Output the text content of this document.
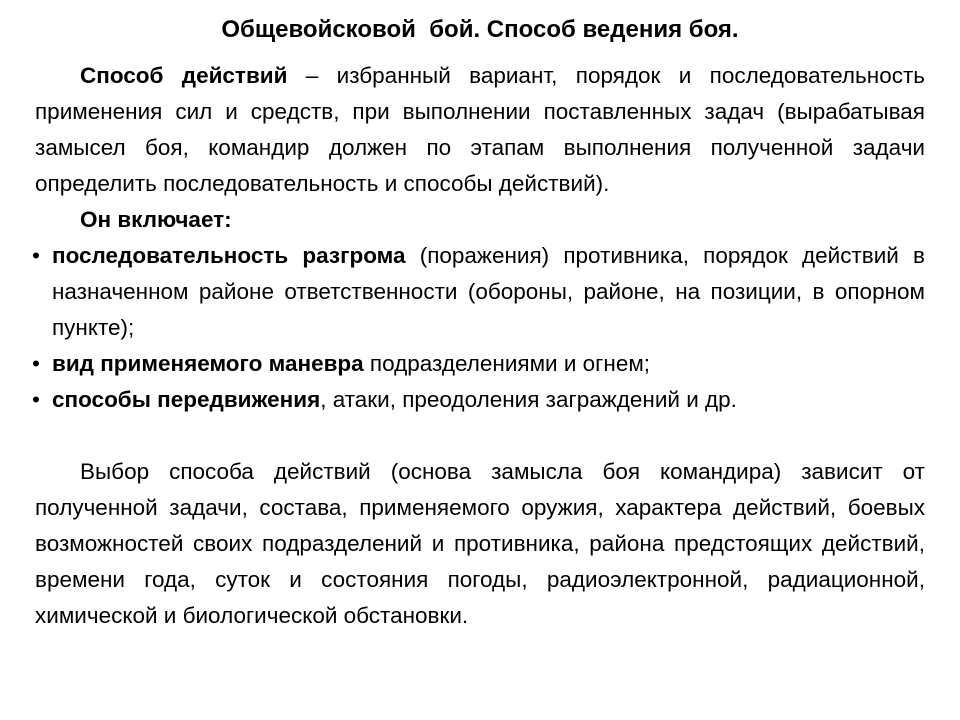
Общевойсковой  бой. Способ ведения боя.

Способ действий – избранный вариант, порядок и последовательность применения сил и средств, при выполнении поставленных задач (вырабатывая замысел боя, командир должен по этапам выполнения полученной задачи определить последовательность и способы действий).

Он включает:

• последовательность разгрома (поражения) противника, порядок действий в назначенном районе ответственности (обороны, районе, на позиции, в опорном пункте);
• вид применяемого маневра подразделениями и огнем;
• способы передвижения, атаки, преодоления заграждений и др.

Выбор способа действий (основа замысла боя командира) зависит от полученной задачи, состава, применяемого оружия, характера действий, боевых возможностей своих подразделений и противника, района предстоящих действий, времени года, суток и состояния погоды, радиоэлектронной, радиационной, химической и биологической обстановки.
